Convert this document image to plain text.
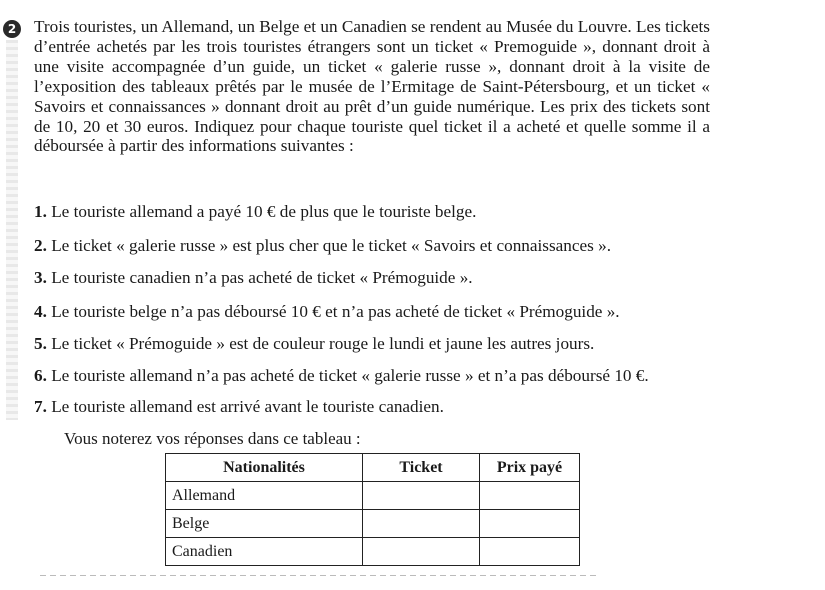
2 Trois touristes, un Allemand, un Belge et un Canadien se rendent au Musée du Louvre. Les tickets d’entrée achetés par les trois touristes étrangers sont un ticket « Premoguide », donnant droit à une visite accompagnée d’un guide, un ticket « galerie russe », donnant droit à la visite de l’exposition des tableaux prêtés par le musée de l’Ermitage de Saint-Pétersbourg, et un ticket « Savoirs et connaissances » donnant droit au prêt d’un guide numérique. Les prix des tickets sont de 10, 20 et 30 euros. Indiquez pour chaque touriste quel ticket il a acheté et quelle somme il a déboursée à partir des informations suivantes :

1. Le touriste allemand a payé 10 € de plus que le touriste belge.

2. Le ticket « galerie russe » est plus cher que le ticket « Savoirs et connaissances ».

3. Le touriste canadien n’a pas acheté de ticket « Prémoguide ».

4. Le touriste belge n’a pas déboursé 10 € et n’a pas acheté de ticket « Prémoguide ».

5. Le ticket « Prémoguide » est de couleur rouge le lundi et jaune les autres jours.

6. Le touriste allemand n’a pas acheté de ticket « galerie russe » et n’a pas déboursé 10 €.

7. Le touriste allemand est arrivé avant le touriste canadien.

Vous noterez vos réponses dans ce tableau :

Nationalités	Ticket	Prix payé
Allemand		
Belge		
Canadien		
